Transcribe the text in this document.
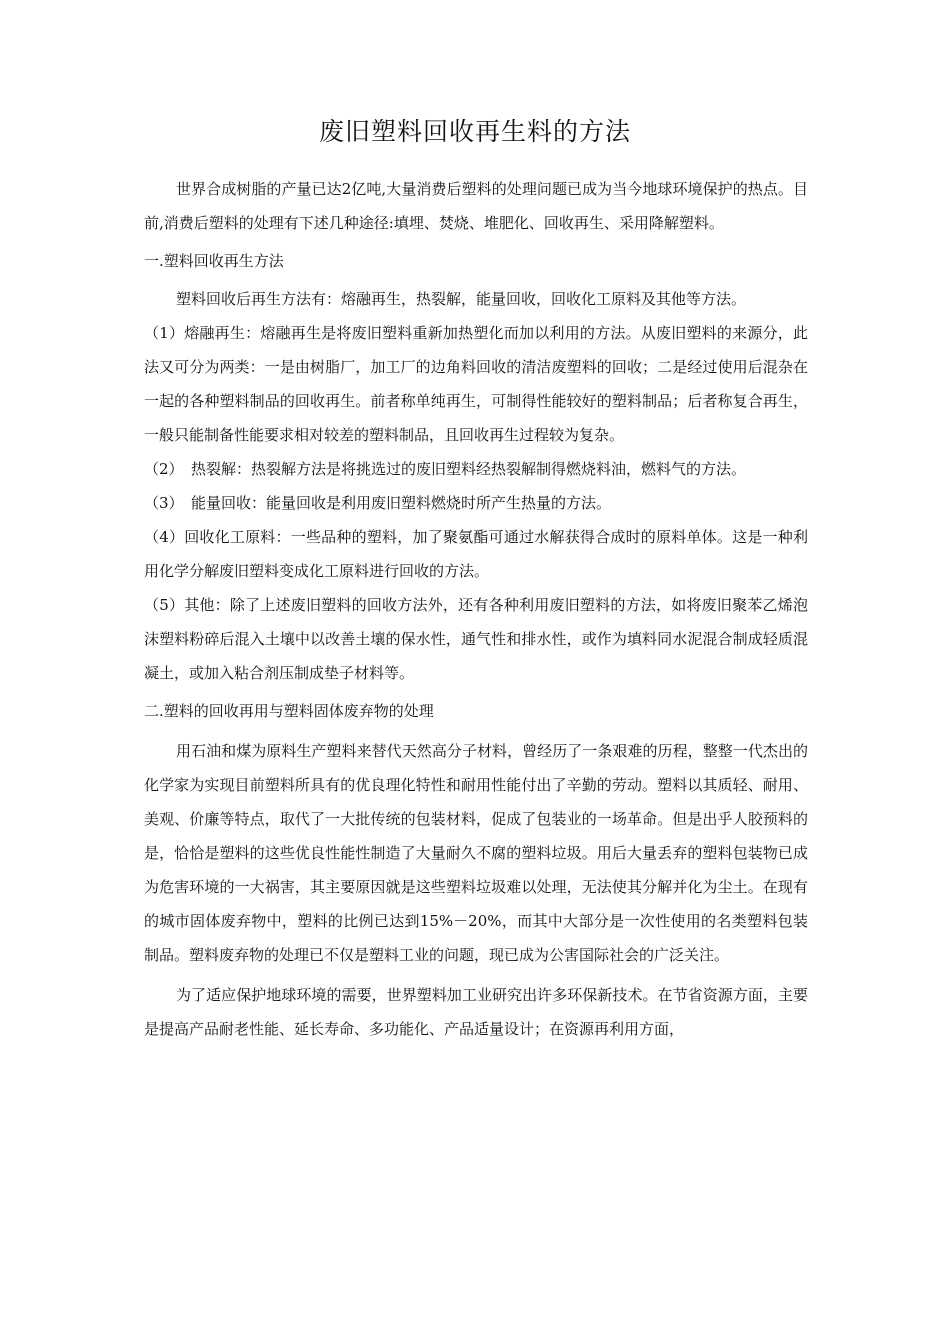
废旧塑料回收再生料的方法

世界合成树脂的产量已达2亿吨,大量消费后塑料的处理问题已成为当今地球环境保护的热点。目前,消费后塑料的处理有下述几种途径:填埋、焚烧、堆肥化、回收再生、采用降解塑料。

一.塑料回收再生方法

塑料回收后再生方法有：熔融再生，热裂解，能量回收，回收化工原料及其他等方法。

（1）熔融再生：熔融再生是将废旧塑料重新加热塑化而加以利用的方法。从废旧塑料的来源分，此法又可分为两类：一是由树脂厂，加工厂的边角料回收的清洁废塑料的回收；二是经过使用后混杂在一起的各种塑料制品的回收再生。前者称单纯再生，可制得性能较好的塑料制品；后者称复合再生，一般只能制备性能要求相对较差的塑料制品，且回收再生过程较为复杂。

（2）　热裂解：热裂解方法是将挑选过的废旧塑料经热裂解制得燃烧料油，燃料气的方法。

（3）　能量回收：能量回收是利用废旧塑料燃烧时所产生热量的方法。

（4）回收化工原料：一些品种的塑料，加了聚氨酯可通过水解获得合成时的原料单体。这是一种利用化学分解废旧塑料变成化工原料进行回收的方法。

（5）其他：除了上述废旧塑料的回收方法外，还有各种利用废旧塑料的方法，如将废旧聚苯乙烯泡沫塑料粉碎后混入土壤中以改善土壤的保水性，通气性和排水性，或作为填料同水泥混合制成轻质混凝土，或加入粘合剂压制成垫子材料等。

二.塑料的回收再用与塑料固体废弃物的处理

用石油和煤为原料生产塑料来替代天然高分子材料，曾经历了一条艰难的历程，整整一代杰出的化学家为实现目前塑料所具有的优良理化特性和耐用性能付出了辛勤的劳动。塑料以其质轻、耐用、美观、价廉等特点，取代了一大批传统的包装材料，促成了包装业的一场革命。但是出乎人胶预料的是，恰恰是塑料的这些优良性能性制造了大量耐久不腐的塑料垃圾。用后大量丢弃的塑料包装物已成为危害环境的一大祸害，其主要原因就是这些塑料垃圾难以处理，无法使其分解并化为尘土。在现有的城市固体废弃物中，塑料的比例已达到15%－20%，而其中大部分是一次性使用的名类塑料包装制品。塑料废弃物的处理已不仅是塑料工业的问题，现已成为公害国际社会的广泛关注。

为了适应保护地球环境的需要，世界塑料加工业研究出许多环保新技术。在节省资源方面，主要是提高产品耐老性能、延长寿命、多功能化、产品适量设计；在资源再利用方面，
